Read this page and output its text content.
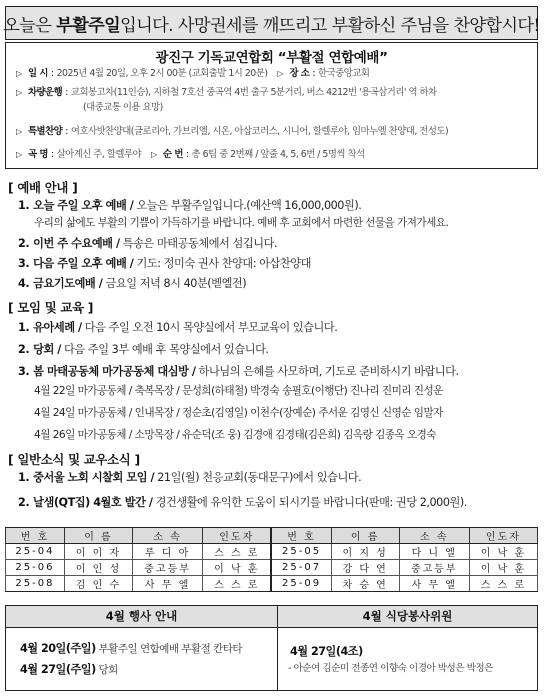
오늘은 부활주일입니다. 사망권세를 깨뜨리고 부활하신 주님을 찬양합시다!
광진구 기독교연합회 “부활절 연합예배”
▷ 일 시 : 2025년 4월 20일, 오후 2시 00분 (교회출발 1시 20분) ▷ 장 소 : 한국중앙교회
▷ 차량운행 : 교회봉고차(11인승), 지하철 7호선 중곡역 4번 출구 5분거리, 버스 4212번 '용곡삼거리' 역 하차
(대중교통 이용 요망)
▷ 특별찬양 : 여호사밧찬양대(글로리아, 가브리엘, 시온, 아삽코러스, 시니어, 할렐루야, 임마누엘 찬양대, 전성도)
▷ 곡 명 : 살아계신 주, 할렐루야 ▷ 순 번 : 총 6팀 중 2번째 / 앞줄 4, 5, 6번 / 5명씩 착석
[ 예배 안내 ]
1. 오늘 주일 오후 예배 / 오늘은 부활주일입니다.(예산액 16,000,000원).
우리의 삶에도 부활의 기쁨이 가득하기를 바랍니다. 예배 후 교회에서 마련한 선물을 가져가세요.
2. 이번 주 수요예배 / 특송은 마태공동체에서 섬깁니다.
3. 다음 주일 오후 예배 / 기도: 정미숙 권사 찬양대: 아삽찬양대
4. 금요기도예배 / 금요일 저녁 8시 40분(벧엘전)
[ 모임 및 교육 ]
1. 유아세례 / 다음 주일 오전 10시 목양실에서 부모교육이 있습니다.
2. 당회 / 다음 주일 3부 예배 후 목양실에서 있습니다.
3. 봄 마태공동체 마가공동체 대심방 / 하나님의 은혜를 사모하며, 기도로 준비하시기 바랍니다.
4월 22일 마가공동체 / 축복목장 / 문성희(하태철) 박경숙 송필호(이행단) 진나리 진미리 진성운
4월 24일 마가공동체 / 인내목장 / 정순초(김영일) 이천수(장예순) 주서운 김영신 신영순 임말자
4월 26일 마가공동체 / 소망목장 / 유순덕(조 웅) 김경애 김경태(김은희) 김옥랑 김종옥 오경숙
[ 일반소식 및 교우소식 ]
1. 중서울 노회 시찰회 모임 / 21일(월) 천응교회(동대문구)에서 있습니다.
2. 날샘(QT집) 4월호 발간 / 경건생활에 유익한 도움이 되시기를 바랍니다(판매: 권당 2,000원).
번 호	이 름	소 속	인도자	번 호	이 름	소 속	인도자
25-04	이 이 자	루 디 아	스 스 로	25-05	이 지 성	다 니 엘	이 낙 훈
25-06	이 인 성	중고등부	이 낙 훈	25-07	강 다 연	중고등부	이 낙 훈
25-08	김 인 수	사 무 엘	스 스 로	25-09	차 승 연	사 무 엘	스 스 로
4월 행사 안내
4월 20일(주일) 부활주일 연합예배 부활절 칸타타
4월 27일(주일) 당회
4월 식당봉사위원
4월 27일(4조)
- 아순여 김순미 전종연 이향숙 이경아 박성은 박정은
